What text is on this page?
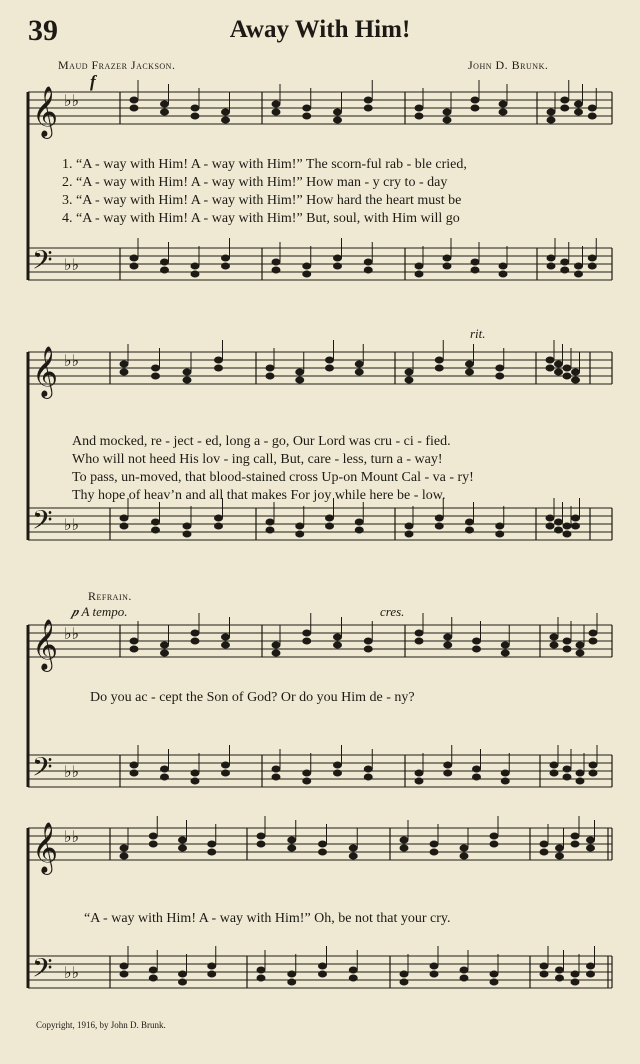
39	Away With Him!
Maud Frazer Jackson.	John D. Brunk.
f
𝄞 ♭♭
𝄢 ♭♭
𝄞 ♭♭
𝄢 ♭♭
𝄞 ♭♭
𝄢 ♭♭
𝄞 ♭♭
𝄢 ♭♭
1. “A - way with Him! A - way with Him!” The scorn-ful rab - ble cried,
2. “A - way with Him! A - way with Him!” How man - y cry to - day
3. “A - way with Him! A - way with Him!” How hard the heart must be
4. “A - way with Him! A - way with Him!” But, soul, with Him will go
rit.
And mocked, re - ject - ed, long a - go, Our Lord was cru - ci - fied.
Who will not heed His lov - ing call, But, care - less, turn a - way!
To pass, un-moved, that blood-stained cross Up-on Mount Cal - va - ry!
Thy hope of heav’n and all that makes For joy while here be - low.
Refrain.
𝆏 A tempo.	cres.
Do you ac - cept the Son of God? Or do you Him de - ny?
“A - way with Him! A - way with Him!” Oh, be not that your cry.
Copyright, 1916, by John D. Brunk.
